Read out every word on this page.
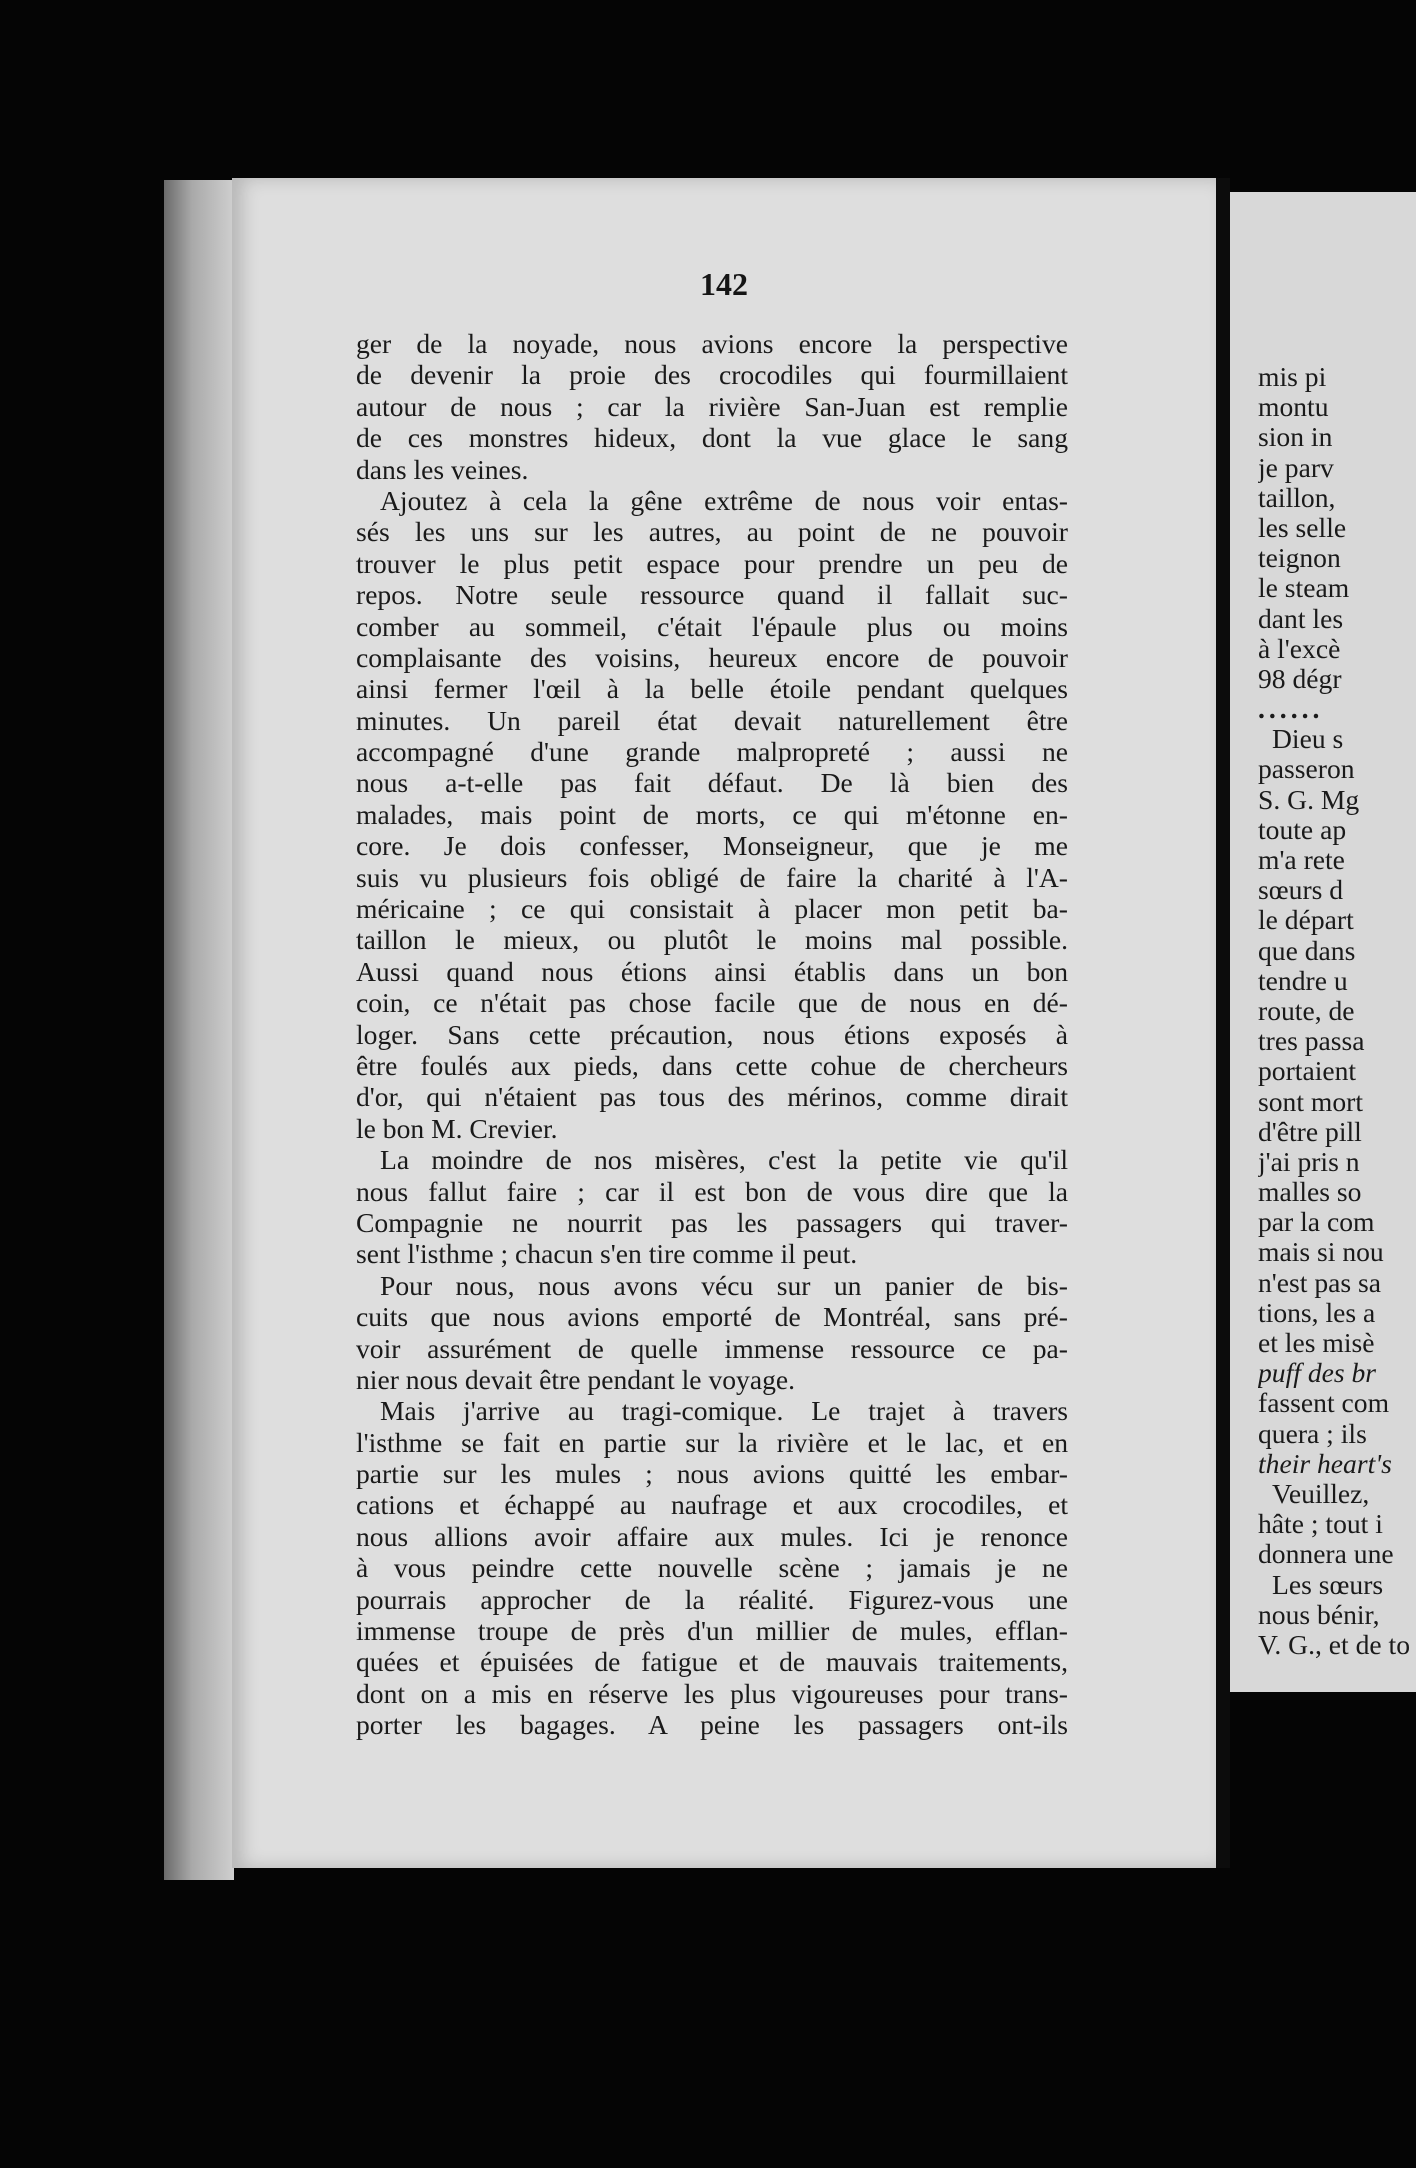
142
ger de la noyade, nous avions encore la perspective
de devenir la proie des crocodiles qui fourmillaient
autour de nous ; car la rivière San-Juan est remplie
de ces monstres hideux, dont la vue glace le sang
dans les veines.
Ajoutez à cela la gêne extrême de nous voir entas-
sés les uns sur les autres, au point de ne pouvoir
trouver le plus petit espace pour prendre un peu de
repos. Notre seule ressource quand il fallait suc-
comber au sommeil, c'était l'épaule plus ou moins
complaisante des voisins, heureux encore de pouvoir
ainsi fermer l'œil à la belle étoile pendant quelques
minutes. Un pareil état devait naturellement être
accompagné d'une grande malpropreté ; aussi ne
nous a-t-elle pas fait défaut. De là bien des
malades, mais point de morts, ce qui m'étonne en-
core. Je dois confesser, Monseigneur, que je me
suis vu plusieurs fois obligé de faire la charité à l'A-
méricaine ; ce qui consistait à placer mon petit ba-
taillon le mieux, ou plutôt le moins mal possible.
Aussi quand nous étions ainsi établis dans un bon
coin, ce n'était pas chose facile que de nous en dé-
loger. Sans cette précaution, nous étions exposés à
être foulés aux pieds, dans cette cohue de chercheurs
d'or, qui n'étaient pas tous des mérinos, comme dirait
le bon M. Crevier.
La moindre de nos misères, c'est la petite vie qu'il
nous fallut faire ; car il est bon de vous dire que la
Compagnie ne nourrit pas les passagers qui traver-
sent l'isthme ; chacun s'en tire comme il peut.
Pour nous, nous avons vécu sur un panier de bis-
cuits que nous avions emporté de Montréal, sans pré-
voir assurément de quelle immense ressource ce pa-
nier nous devait être pendant le voyage.
Mais j'arrive au tragi-comique. Le trajet à travers
l'isthme se fait en partie sur la rivière et le lac, et en
partie sur les mules ; nous avions quitté les embar-
cations et échappé au naufrage et aux crocodiles, et
nous allions avoir affaire aux mules. Ici je renonce
à vous peindre cette nouvelle scène ; jamais je ne
pourrais approcher de la réalité. Figurez-vous une
immense troupe de près d'un millier de mules, efflan-
quées et épuisées de fatigue et de mauvais traitements,
dont on a mis en réserve les plus vigoureuses pour trans-
porter les bagages. A peine les passagers ont-ils
mis pi
montu
sion in
je parv
taillon,
les selle
teignon
le steam
dant les
à l'excè
98 dégr
......
Dieu s
passeron
S. G. Mg
toute ap
m'a rete
sœurs d
le départ
que dans
tendre u
route, de
tres passa
portaient
sont mort
d'être pill
j'ai pris n
malles so
par la com
mais si nou
n'est pas sa
tions, les a
et les misè
puff des br
fassent com
quera ; ils
their heart's
Veuillez,
hâte ; tout i
donnera une
Les sœurs
nous bénir,
V. G., et de to
